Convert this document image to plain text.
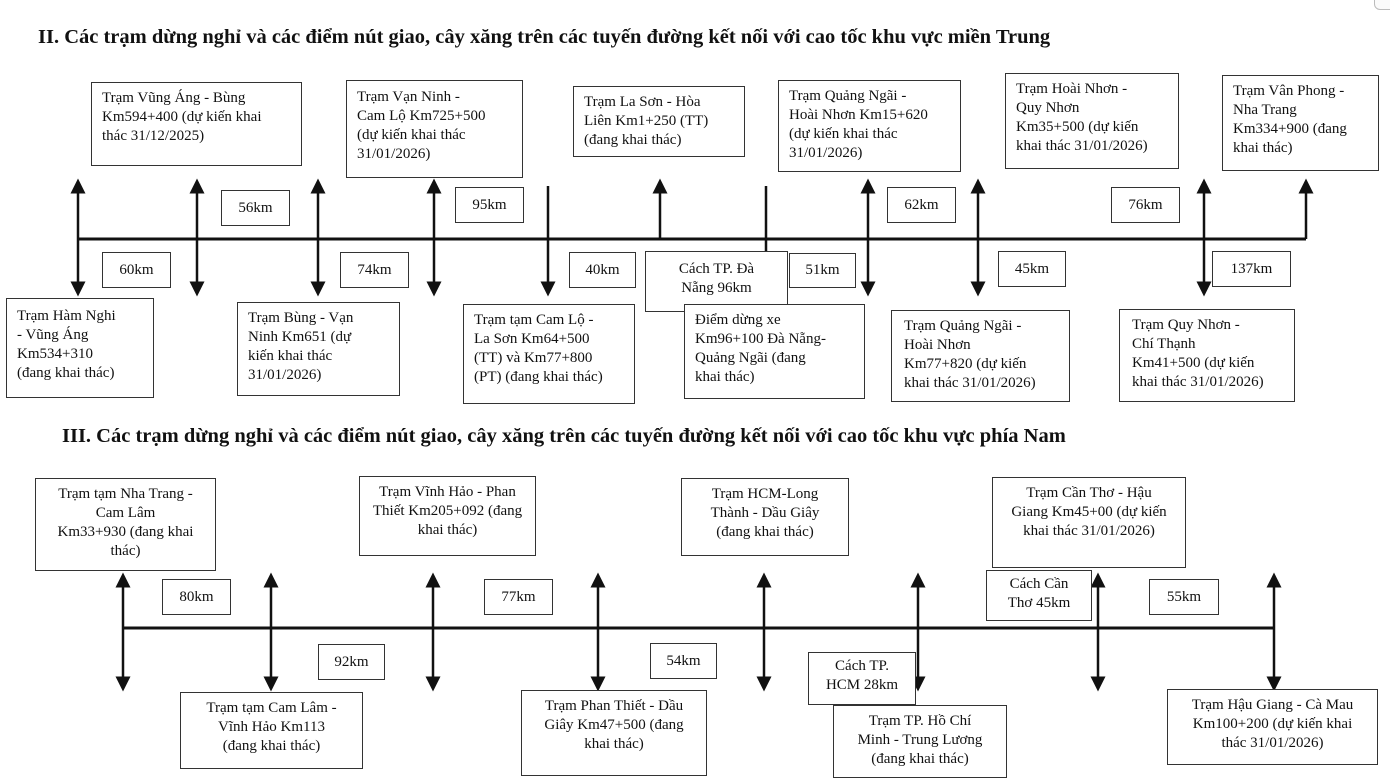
II. Các trạm dừng nghỉ và các điểm nút giao, cây xăng trên các tuyến đường kết nối với cao tốc khu vực miền Trung
Trạm Vũng Áng - Bùng
Km594+400 (dự kiến khai
thác 31/12/2025)
Trạm Vạn Ninh -
Cam Lộ Km725+500
(dự kiến khai thác
31/01/2026)
Trạm La Sơn - Hòa
Liên Km1+250 (TT)
(đang khai thác)
Trạm Quảng Ngãi -
Hoài Nhơn Km15+620
(dự kiến khai thác
31/01/2026)
Trạm Hoài Nhơn -
Quy Nhơn
Km35+500 (dự kiến
khai thác 31/01/2026)
Trạm Vân Phong -
Nha Trang
Km334+900 (đang
khai thác)
56km	95km	62km	76km
60km	74km	40km	51km	45km	137km
Trạm Hàm Nghi
- Vũng Áng
Km534+310
(đang khai thác)
Trạm Bùng - Vạn
Ninh Km651 (dự
kiến khai thác
31/01/2026)
Trạm tạm Cam Lộ -
La Sơn Km64+500
(TT) và Km77+800
(PT) (đang khai thác)
Cách TP. Đà
Nẵng 96km
Điểm dừng xe
Km96+100 Đà Nẵng-
Quảng Ngãi (đang
khai thác)
Trạm Quảng Ngãi -
Hoài Nhơn
Km77+820 (dự kiến
khai thác 31/01/2026)
Trạm Quy Nhơn -
Chí Thạnh
Km41+500 (dự kiến
khai thác 31/01/2026)
III. Các trạm dừng nghỉ và các điểm nút giao, cây xăng trên các tuyến đường kết nối với cao tốc khu vực phía Nam
Trạm tạm Nha Trang -
Cam Lâm
Km33+930 (đang khai
thác)
Trạm Vĩnh Hảo - Phan
Thiết Km205+092 (đang
khai thác)
Trạm HCM-Long
Thành - Dầu Giây
(đang khai thác)
Trạm Cần Thơ - Hậu
Giang Km45+00 (dự kiến
khai thác 31/01/2026)
Cách Cần
Thơ 45km
80km	77km	55km
92km	54km
Trạm tạm Cam Lâm -
Vĩnh Hảo Km113
(đang khai thác)
Trạm Phan Thiết - Dầu
Giây Km47+500 (đang
khai thác)
Cách TP.
HCM 28km
Trạm TP. Hồ Chí
Minh - Trung Lương
(đang khai thác)
Trạm Hậu Giang - Cà Mau
Km100+200 (dự kiến khai
thác 31/01/2026)
